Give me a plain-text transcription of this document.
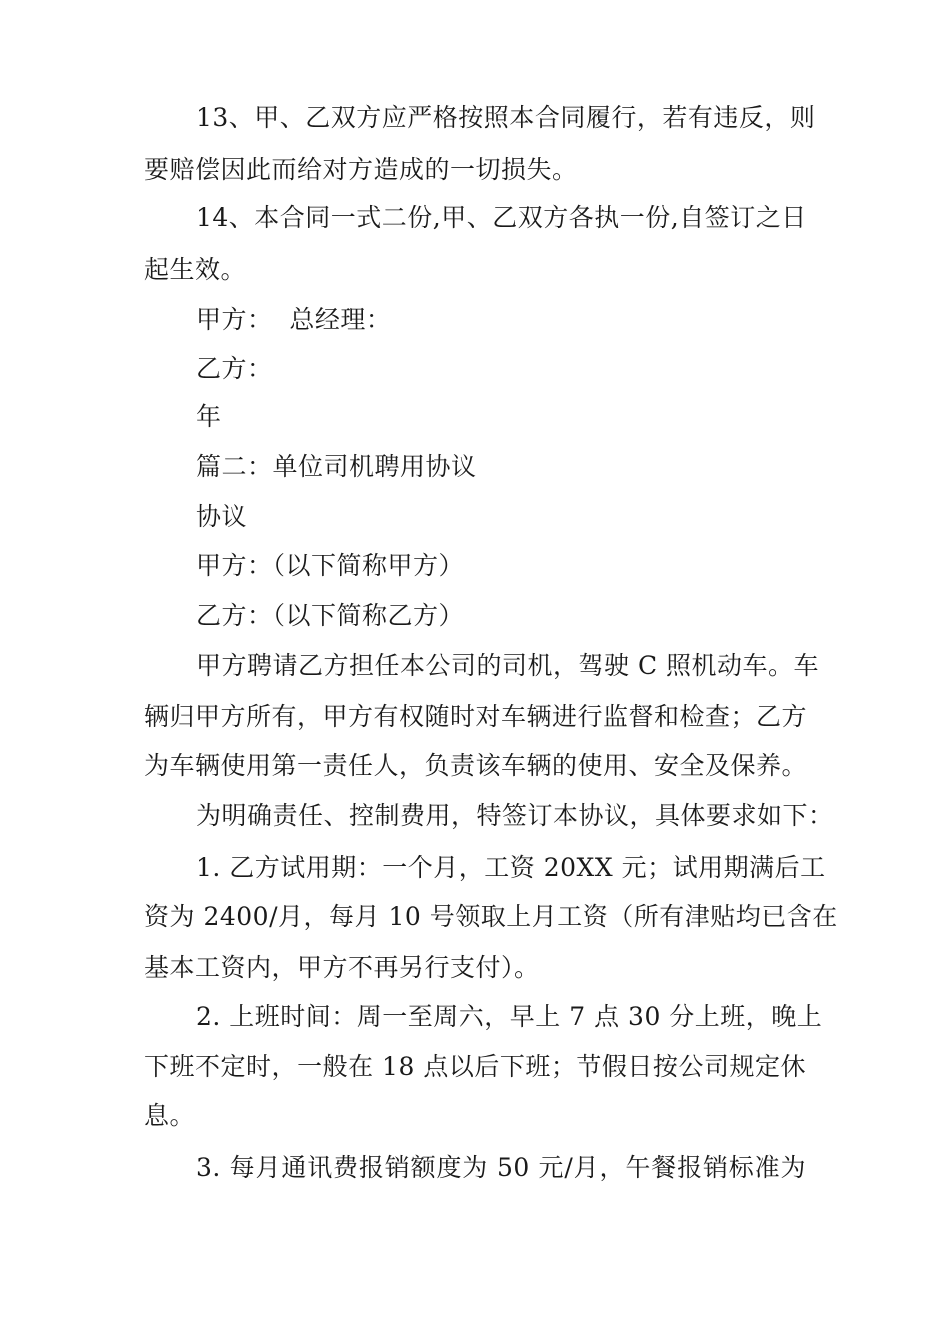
13、甲、乙双方应严格按照本合同履行，若有违反，则
要赔偿因此而给对方造成的一切损失。
14、本合同一式二份,甲、乙双方各执一份,自签订之日
起生效。
甲方：  总经理：
乙方：
年
篇二：单位司机聘用协议
协议
甲方：（以下简称甲方）
乙方：（以下简称乙方）
甲方聘请乙方担任本公司的司机，驾驶 C 照机动车。车
辆归甲方所有，甲方有权随时对车辆进行监督和检查；乙方
为车辆使用第一责任人，负责该车辆的使用、安全及保养。
为明确责任、控制费用，特签订本协议，具体要求如下：
1. 乙方试用期：一个月，工资 20XX 元；试用期满后工
资为 2400/月，每月 10 号领取上月工资（所有津贴均已含在
基本工资内，甲方不再另行支付）。
2. 上班时间：周一至周六，早上 7 点 30 分上班，晚上
下班不定时，一般在 18 点以后下班；节假日按公司规定休
息。
3. 每月通讯费报销额度为 50 元/月，午餐报销标准为
